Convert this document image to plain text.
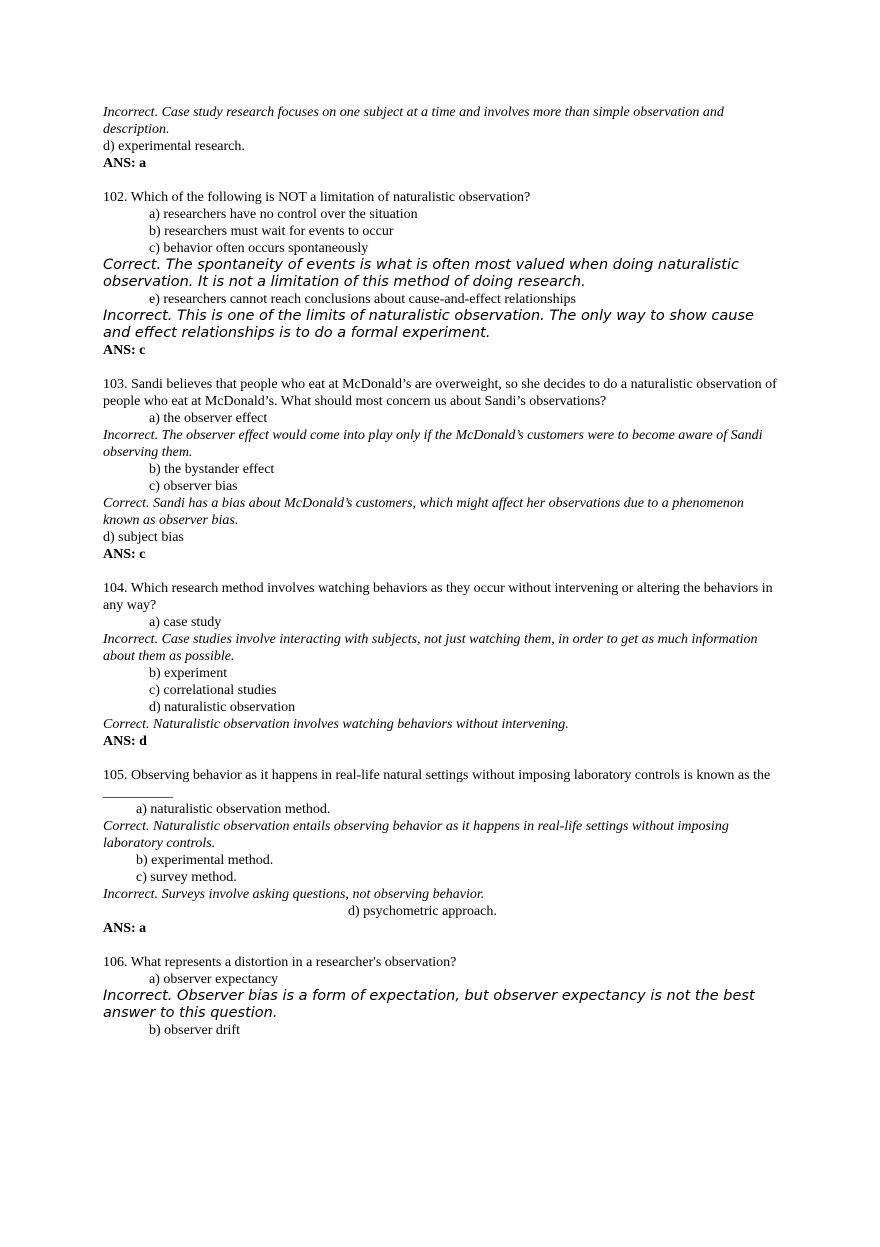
Incorrect. Case study research focuses on one subject at a time and involves more than simple observation and description.
d) experimental research.
ANS: a
102. Which of the following is NOT a limitation of naturalistic observation?
a) researchers have no control over the situation
b) researchers must wait for events to occur
c) behavior often occurs spontaneously
Correct. The spontaneity of events is what is often most valued when doing naturalistic observation. It is not a limitation of this method of doing research.
e) researchers cannot reach conclusions about cause-and-effect relationships
Incorrect. This is one of the limits of naturalistic observation. The only way to show cause and effect relationships is to do a formal experiment.
ANS: c
103. Sandi believes that people who eat at McDonald’s are overweight, so she decides to do a naturalistic observation of people who eat at McDonald’s. What should most concern us about Sandi’s observations?
a) the observer effect
Incorrect. The observer effect would come into play only if the McDonald’s customers were to become aware of Sandi observing them.
b) the bystander effect
c) observer bias
Correct. Sandi has a bias about McDonald’s customers, which might affect her observations due to a phenomenon known as observer bias.
d) subject bias
ANS: c
104. Which research method involves watching behaviors as they occur without intervening or altering the behaviors in any way?
a) case study
Incorrect. Case studies involve interacting with subjects, not just watching them, in order to get as much information about them as possible.
b) experiment
c) correlational studies
d) naturalistic observation
Correct. Naturalistic observation involves watching behaviors without intervening.
ANS: d
105. Observing behavior as it happens in real-life natural settings without imposing laboratory controls is known as the __________
a) naturalistic observation method.
Correct. Naturalistic observation entails observing behavior as it happens in real-life settings without imposing laboratory controls.
b) experimental method.
c) survey method.
Incorrect. Surveys involve asking questions, not observing behavior.
d) psychometric approach.
ANS: a
106. What represents a distortion in a researcher's observation?
a) observer expectancy
Incorrect. Observer bias is a form of expectation, but observer expectancy is not the best answer to this question.
b) observer drift
